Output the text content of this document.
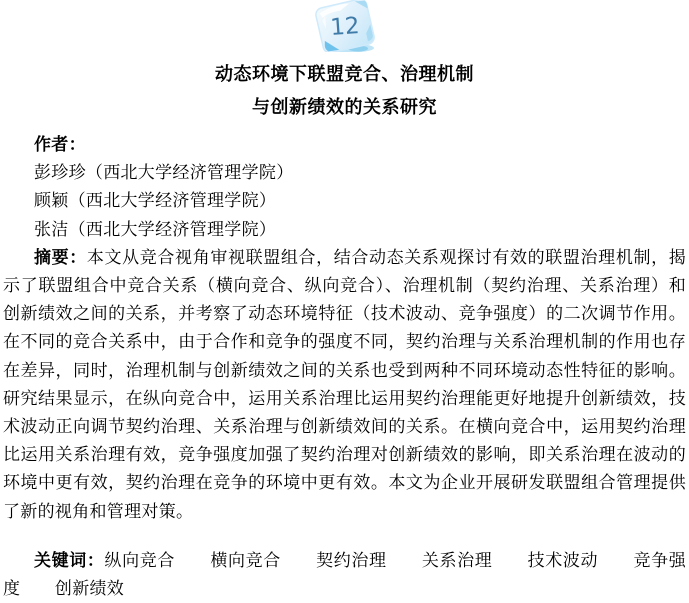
12
动态环境下联盟竞合、治理机制
与创新绩效的关系研究

作者：

彭珍珍（西北大学经济管理学院）

顾颖（西北大学经济管理学院）

张洁（西北大学经济管理学院）

摘要：本文从竞合视角审视联盟组合，结合动态关系观探讨有效的联盟治理机制，揭示了联盟组合中竞合关系（横向竞合、纵向竞合）、治理机制（契约治理、关系治理）和创新绩效之间的关系，并考察了动态环境特征（技术波动、竞争强度）的二次调节作用。在不同的竞合关系中，由于合作和竞争的强度不同，契约治理与关系治理机制的作用也存在差异，同时，治理机制与创新绩效之间的关系也受到两种不同环境动态性特征的影响。研究结果显示，在纵向竞合中，运用关系治理比运用契约治理能更好地提升创新绩效，技术波动正向调节契约治理、关系治理与创新绩效间的关系。在横向竞合中，运用契约治理比运用关系治理有效，竞争强度加强了契约治理对创新绩效的影响，即关系治理在波动的环境中更有效，契约治理在竞争的环境中更有效。本文为企业开展研发联盟组合管理提供了新的视角和管理对策。

关键词：纵向竞合　　横向竞合　　契约治理　　关系治理　　技术波动　　竞争强度　　创新绩效
